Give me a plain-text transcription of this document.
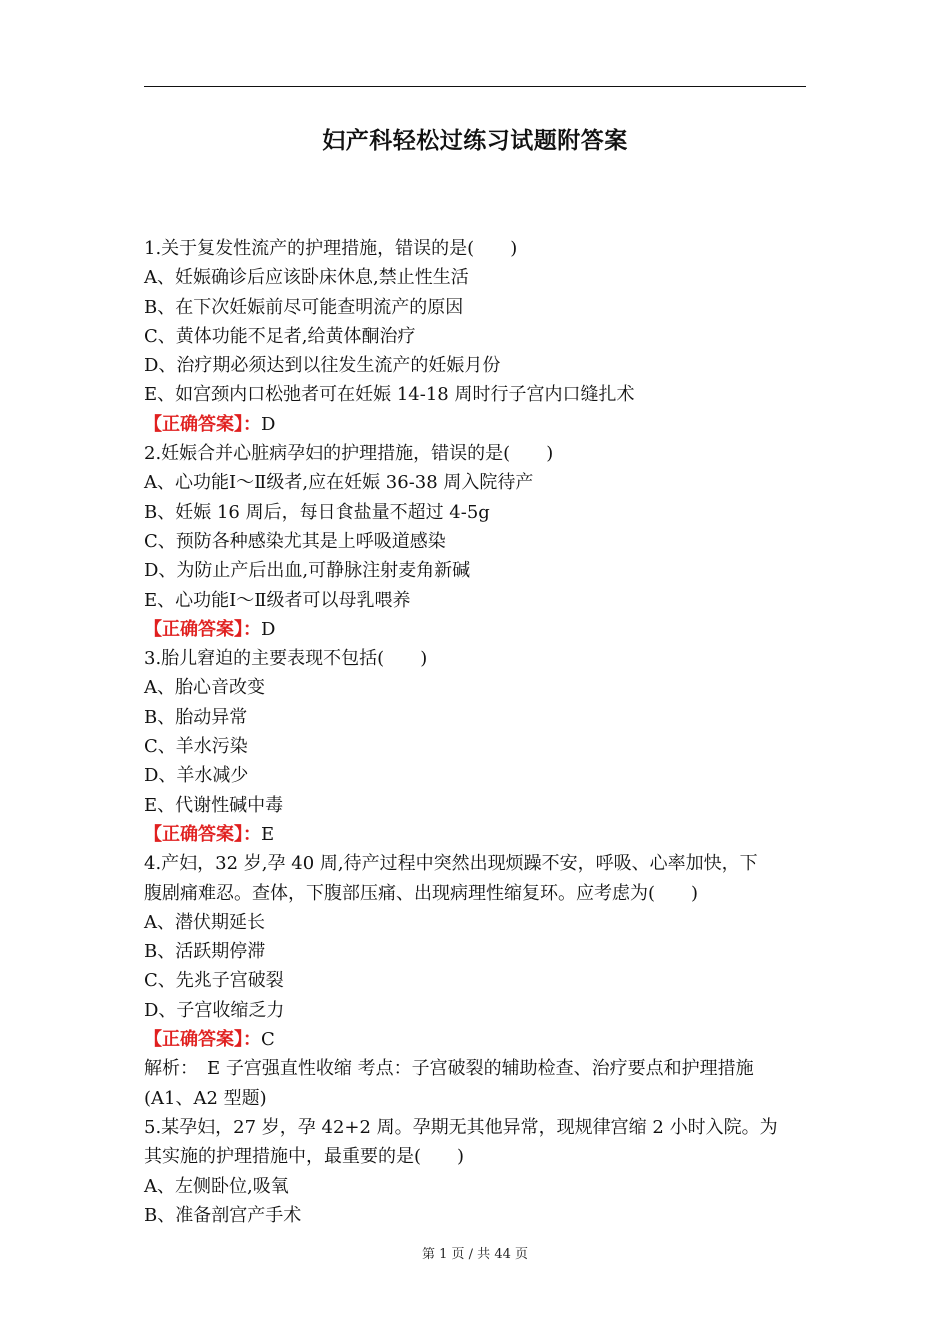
妇产科轻松过练习试题附答案
1.关于复发性流产的护理措施，错误的是(　　)
A、妊娠确诊后应该卧床休息,禁止性生活
B、在下次妊娠前尽可能查明流产的原因
C、黄体功能不足者,给黄体酮治疗
D、治疗期必须达到以往发生流产的妊娠月份
E、如宫颈内口松弛者可在妊娠 14-18 周时行子宫内口缝扎术
【正确答案】：D
2.妊娠合并心脏病孕妇的护理措施，错误的是(　　)
A、心功能Ⅰ～Ⅱ级者,应在妊娠 36-38 周入院待产
B、妊娠 16 周后，每日食盐量不超过 4-5g
C、预防各种感染尤其是上呼吸道感染
D、为防止产后出血,可静脉注射麦角新碱
E、心功能Ⅰ～Ⅱ级者可以母乳喂养
【正确答案】：D
3.胎儿窘迫的主要表现不包括(　　)
A、胎心音改变
B、胎动异常
C、羊水污染
D、羊水减少
E、代谢性碱中毒
【正确答案】：E
4.产妇，32 岁,孕 40 周,待产过程中突然出现烦躁不安，呼吸、心率加快，下
腹剧痛难忍。查体，下腹部压痛、出现病理性缩复环。应考虑为(　　)
A、潜伏期延长
B、活跃期停滞
C、先兆子宫破裂
D、子宫收缩乏力
【正确答案】：C
解析：　E 子宫强直性收缩 考点：子宫破裂的辅助检查、治疗要点和护理措施
(A1、A2 型题)
5.某孕妇，27 岁，孕 42+2 周。孕期无其他异常，现规律宫缩 2 小时入院。为
其实施的护理措施中，最重要的是(　　)
A、左侧卧位,吸氧
B、准备剖宫产手术
第 1 页 / 共 44 页
